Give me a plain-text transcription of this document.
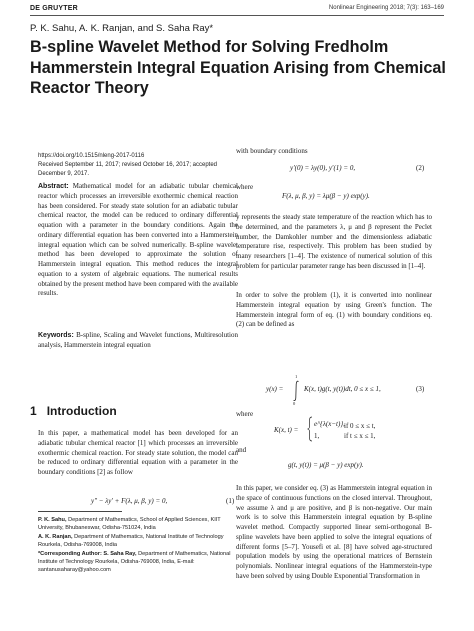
DE GRUYTER	Nonlinear Engineering 2018; 7(3): 163–169
P. K. Sahu, A. K. Ranjan, and S. Saha Ray*
B-spline Wavelet Method for Solving Fredholm Hammerstein Integral Equation Arising from Chemical Reactor Theory
https://doi.org/10.1515/nleng-2017-0116
Received September 11, 2017; revised October 16, 2017; accepted
December 9, 2017.
Abstract: Mathematical model for an adiabatic tubular chemical reactor which processes an irreversible exothermic chemical reaction has been considered. For steady state solution for an adiabatic tubular chemical reactor, the model can be reduced to ordinary differential equation with a parameter in the boundary conditions. Again the ordinary differential equation has been converted into a Hammerstein integral equation which can be solved numerically. B-spline wavelet method has been developed to approximate the solution of Hammerstein integral equation. This method reduces the integral equation to a system of algebraic equations. The numerical results obtained by the present method have been compared with the available results.
Keywords: B-spline, Scaling and Wavelet functions, Multiresolution analysis, Hammerstein integral equation
1 Introduction
In this paper, a mathematical model has been developed for an adiabatic tubular chemical reactor [1] which processes an irreversible exothermic chemical reaction. For steady state solution, the model can be reduced to ordinary differential equation with a parameter in the boundary conditions [2] as follow
y″ − λy′ + F(λ, μ, β, y) = 0,	(1)
P. K. Sahu, Department of Mathematics, School of Applied Sciences, KIIT University, Bhubaneswar, Odisha-751024, India
A. K. Ranjan, Department of Mathematics, National Institute of Technology Rourkela, Odisha-769008, India
*Corresponding Author: S. Saha Ray, Department of Mathematics, National Institute of Technology Rourkela, Odisha-769008, India, E-mail: santanusaharay@yahoo.com
with boundary conditions
y′(0) = λy(0), y′(1) = 0,	(2)
where
F(λ, μ, β, y) = λμ(β − y) exp(y).
y represents the steady state temperature of the reaction which has to be determined, and the parameters λ, μ and β represent the Peclet number, the Damkohler number and the dimensionless adiabatic temperature rise, respectively. This problem has been studied by many researchers [1–4]. The existence of numerical solution of this problem for particular parameter range has been discussed in [1–4].
In order to solve the problem (1), it is converted into nonlinear Hammerstein integral equation by using Green's function. The Hammerstein integral form of eq. (1) with boundary conditions eq. (2) can be defined as
y(x) =
1
0
K(x, t)g(t, y(t))dt, 0 ≤ x ≤ 1,	(3)
where
K(x, t) =
e^{λ(x−t)}, if 0 ≤ x ≤ t,
1,	if t ≤ x ≤ 1,
and
g(t, y(t)) = μ(β − y) exp(y).
In this paper, we consider eq. (3) as Hammerstein integral equation in the space of continuous functions on the closed interval. Throughout, we assume λ and μ are positive, and β is non-negative. Our main work is to solve this Hammerstein integral equation by B-spline wavelet method. Compactly supported linear semi-orthogonal B-spline wavelets have been applied to solve the integral equations of different forms [5–7]. Yousefi et al. [8] have solved age-structured population models by using the operational matrices of Bernstein polynomials. Nonlinear integral equations of the Hammerstein-type have been solved by using Double Exponential Transformation in
